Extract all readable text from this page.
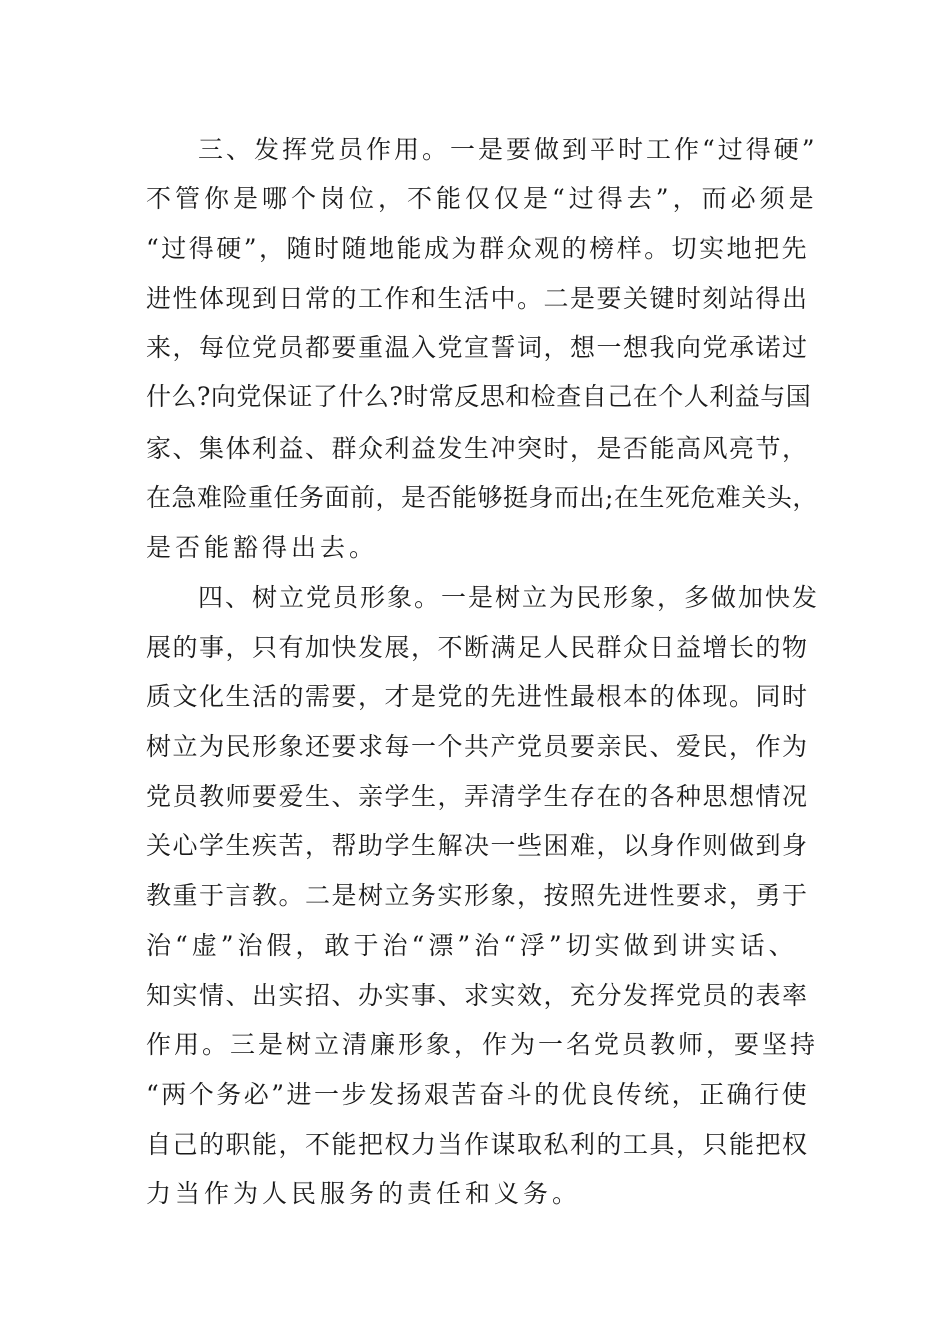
三、发挥党员作用。一是要做到平时工作“过得硬”
不管你是哪个岗位，不能仅仅是“过得去”，而必须是
“过得硬”，随时随地能成为群众观的榜样。切实地把先
进性体现到日常的工作和生活中。二是要关键时刻站得出
来，每位党员都要重温入党宣誓词，想一想我向党承诺过
什么?向党保证了什么?时常反思和检查自己在个人利益与国
家、集体利益、群众利益发生冲突时，是否能高风亮节，
在急难险重任务面前，是否能够挺身而出;在生死危难关头，
是否能豁得出去。
四、树立党员形象。一是树立为民形象，多做加快发
展的事，只有加快发展，不断满足人民群众日益增长的物
质文化生活的需要，才是党的先进性最根本的体现。同时
树立为民形象还要求每一个共产党员要亲民、爱民，作为
党员教师要爱生、亲学生，弄清学生存在的各种思想情况
关心学生疾苦，帮助学生解决一些困难，以身作则做到身
教重于言教。二是树立务实形象，按照先进性要求，勇于
治“虚”治假，敢于治“漂”治“浮”切实做到讲实话、
知实情、出实招、办实事、求实效，充分发挥党员的表率
作用。三是树立清廉形象，作为一名党员教师，要坚持
“两个务必”进一步发扬艰苦奋斗的优良传统，正确行使
自己的职能，不能把权力当作谋取私利的工具，只能把权
力当作为人民服务的责任和义务。
